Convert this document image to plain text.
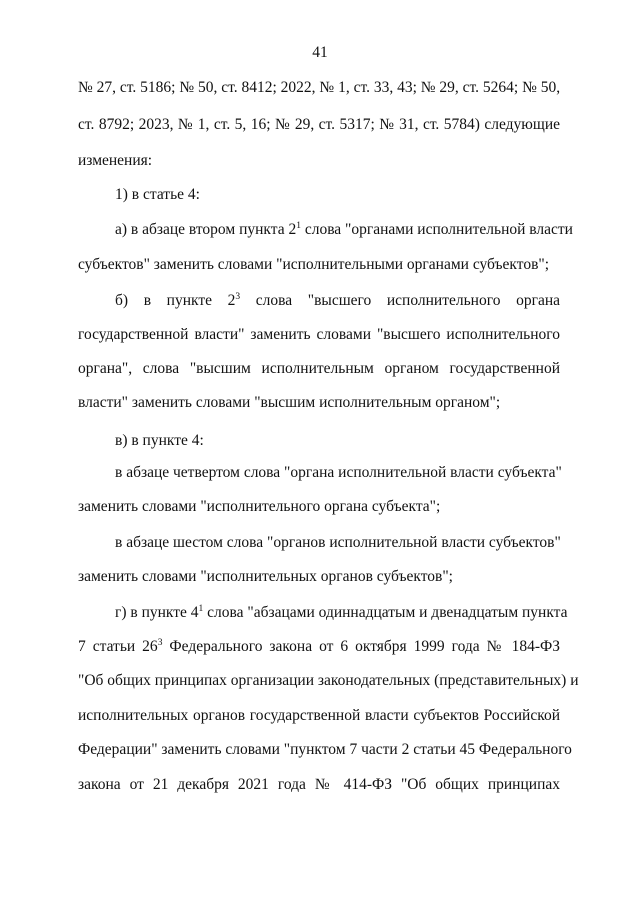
41
№ 27, ст. 5186; № 50, ст. 8412; 2022, № 1, ст. 33, 43; № 29, ст. 5264; № 50,
ст. 8792; 2023, № 1, ст. 5, 16; № 29, ст. 5317; № 31, ст. 5784) следующие
изменения:
1) в статье 4:
а) в абзаце втором пункта $2^1$ слова "органами исполнительной власти
субъектов" заменить словами "исполнительными органами субъектов";
б) в пункте $2^3$ слова "высшего исполнительного органа
государственной власти" заменить словами "высшего исполнительного
органа", слова "высшим исполнительным органом государственной
власти" заменить словами "высшим исполнительным органом";
в) в пункте 4:
в абзаце четвертом слова "органа исполнительной власти субъекта"
заменить словами "исполнительного органа субъекта";
в абзаце шестом слова "органов исполнительной власти субъектов"
заменить словами "исполнительных органов субъектов";
г) в пункте $4^1$ слова "абзацами одиннадцатым и двенадцатым пункта
7 статьи $26^3$ Федерального закона от 6 октября 1999 года № 184-ФЗ
"Об общих принципах организации законодательных (представительных) и
исполнительных органов государственной власти субъектов Российской
Федерации" заменить словами "пунктом 7 части 2 статьи 45 Федерального
закона от 21 декабря 2021 года № 414-ФЗ "Об общих принципах
